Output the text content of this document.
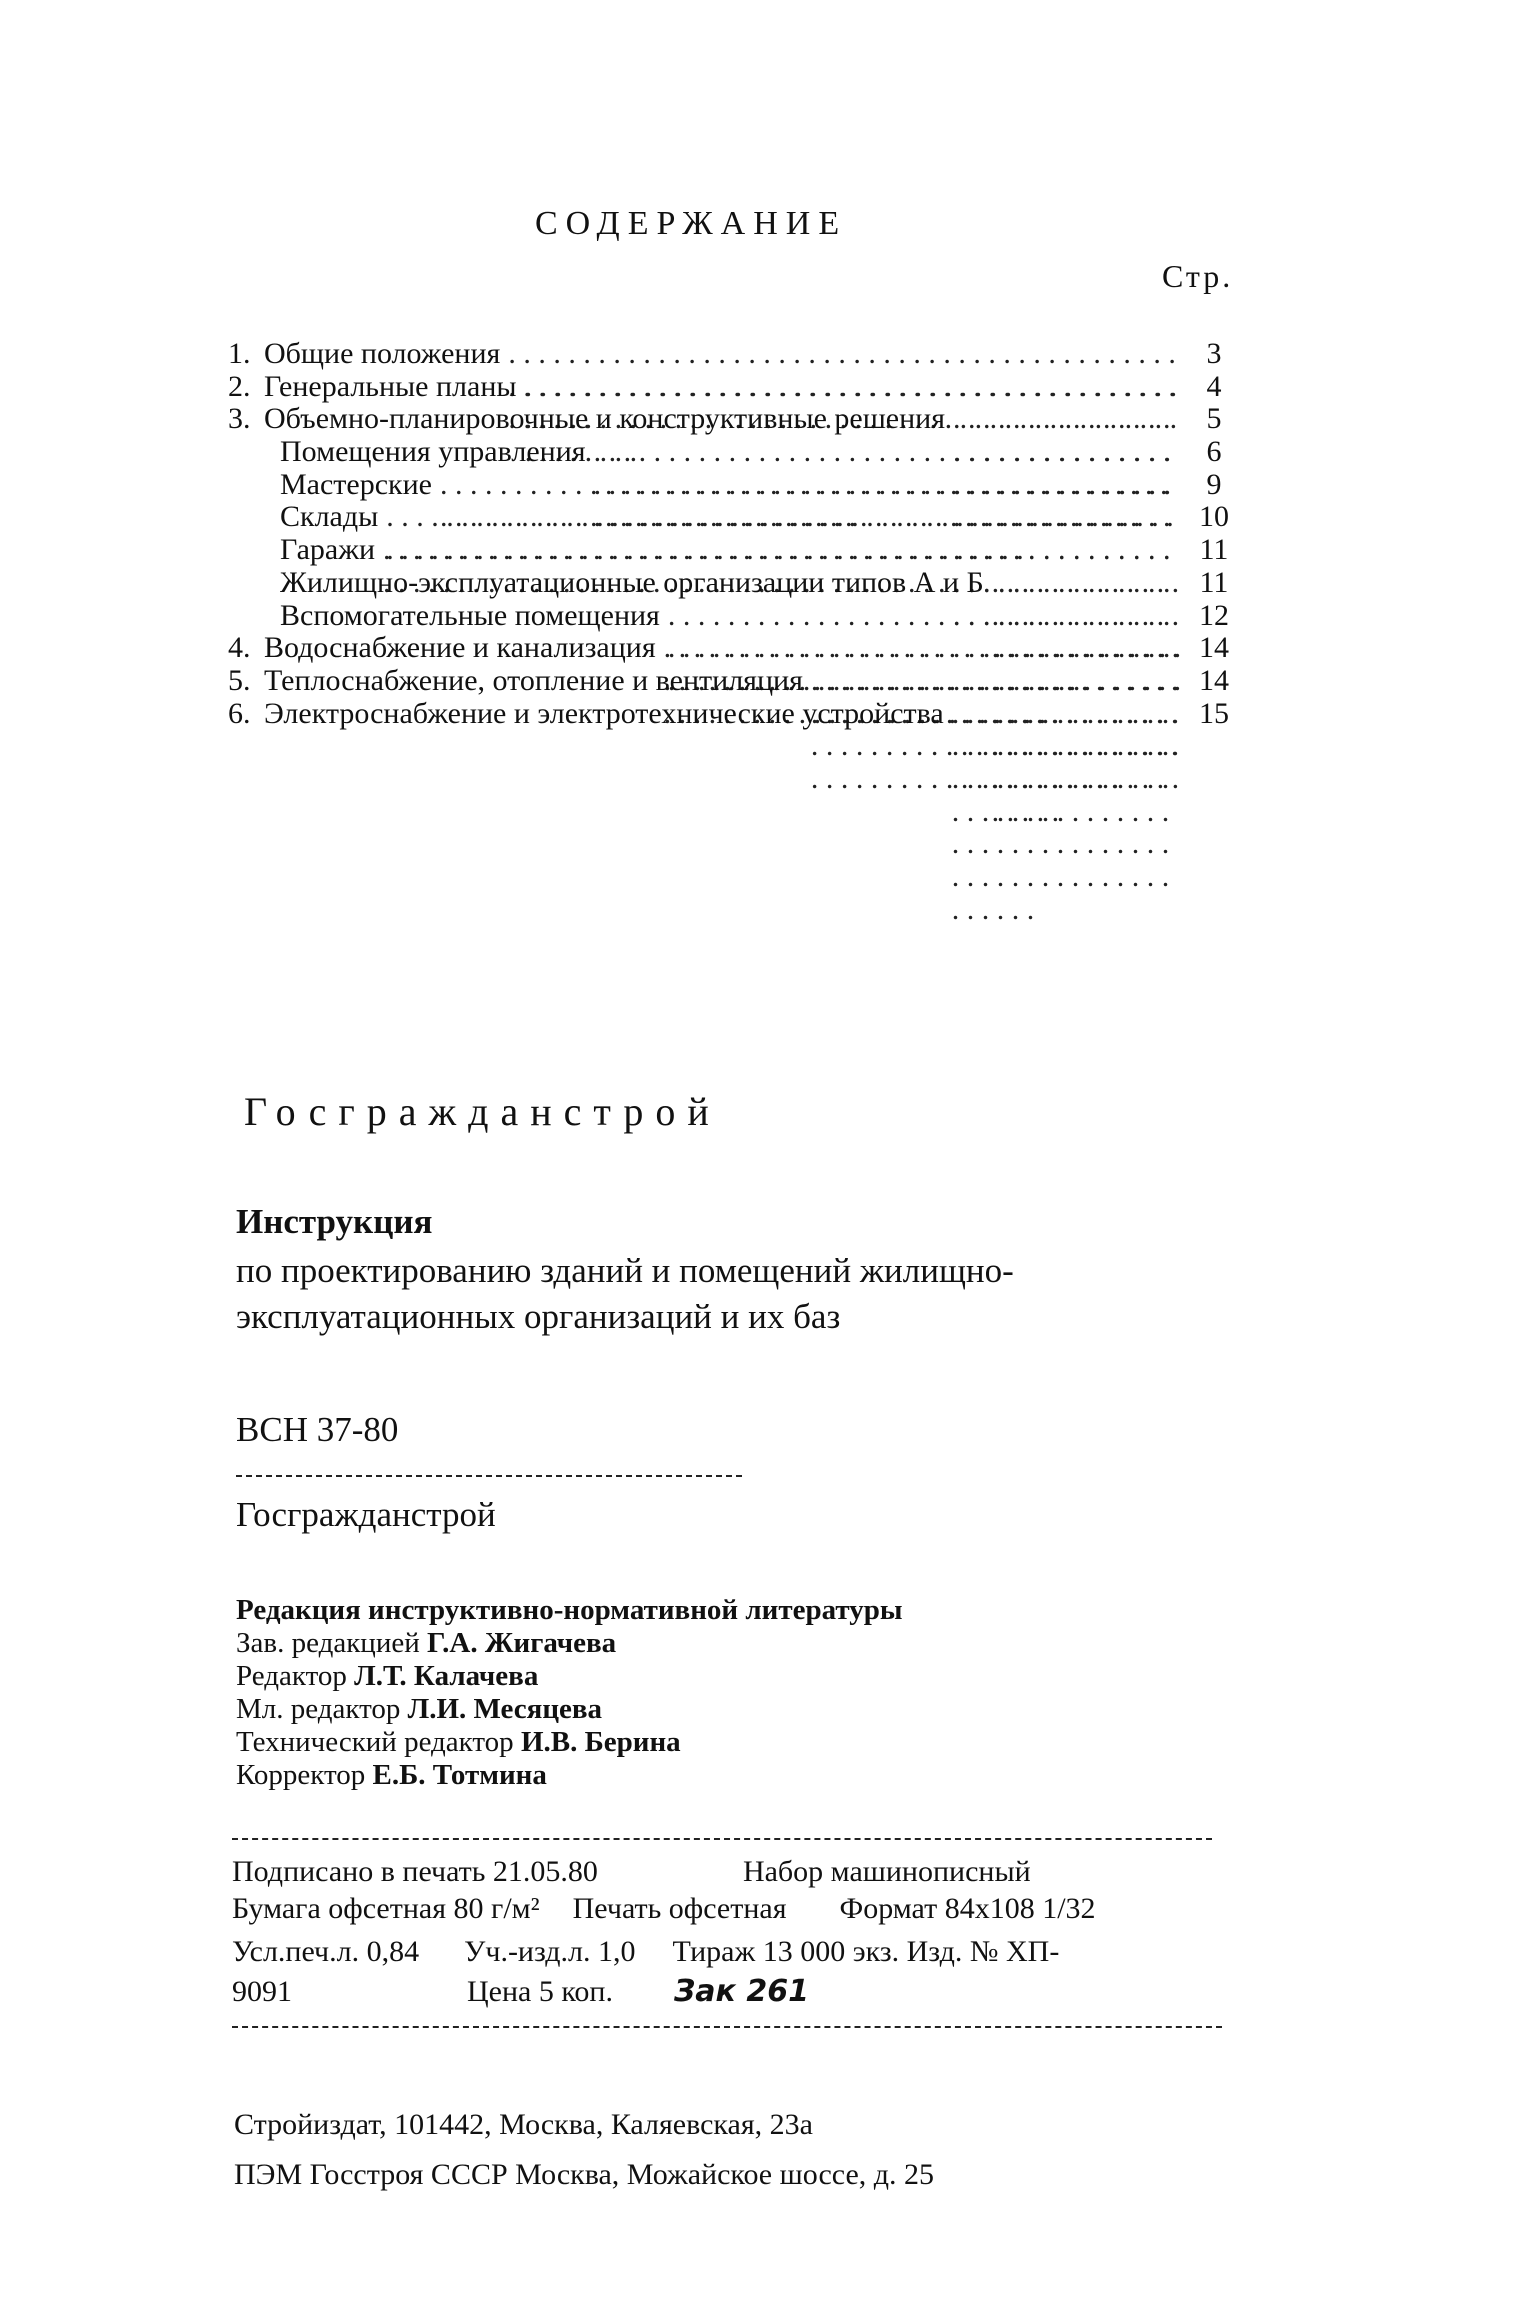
СОДЕРЖАНИЕ
Стр.
1. Общие положения . . .	3
2. Генеральные планы . . .	4
3. Объемно-планировочные и конструктивные решения . . .	5
Помещения управления . . .	6
Мастерские . . .	9
Склады . . .	10
Гаражи . . .	11
Жилищно-эксплуатационные организации типов А и Б . . .	11
Вспомогательные помещения . . .	12
4. Водоснабжение и канализация . . .	14
5. Теплоснабжение, отопление и вентиляция . . .	14
6. Электроснабжение и электротехнические устройства . . .	15
Госгражданстрой
Инструкция
по проектированию зданий и помещений жилищно-эксплуатационных организаций и их баз
ВСН 37-80
Госгражданстрой
Редакция инструктивно-нормативной литературы
Зав. редакцией Г.А. Жигачева
Редактор Л.Т. Калачева
Мл. редактор Л.И. Месяцева
Технический редактор И.В. Берина
Корректор Е.Б. Тотмина
Подписано в печать 21.05.80	Набор машинописный
Бумага офсетная 80 г/м² Печать офсетная Формат 84x108 1/32
Усл.печ.л. 0,84 Уч.-изд.л. 1,0 Тираж 13 000 экз. Изд. № ХП-
9091	Цена 5 коп. Зак 261
Стройиздат, 101442, Москва, Каляевская, 23а
ПЭМ Госстроя СССР Москва, Можайское шоссе, д. 25
